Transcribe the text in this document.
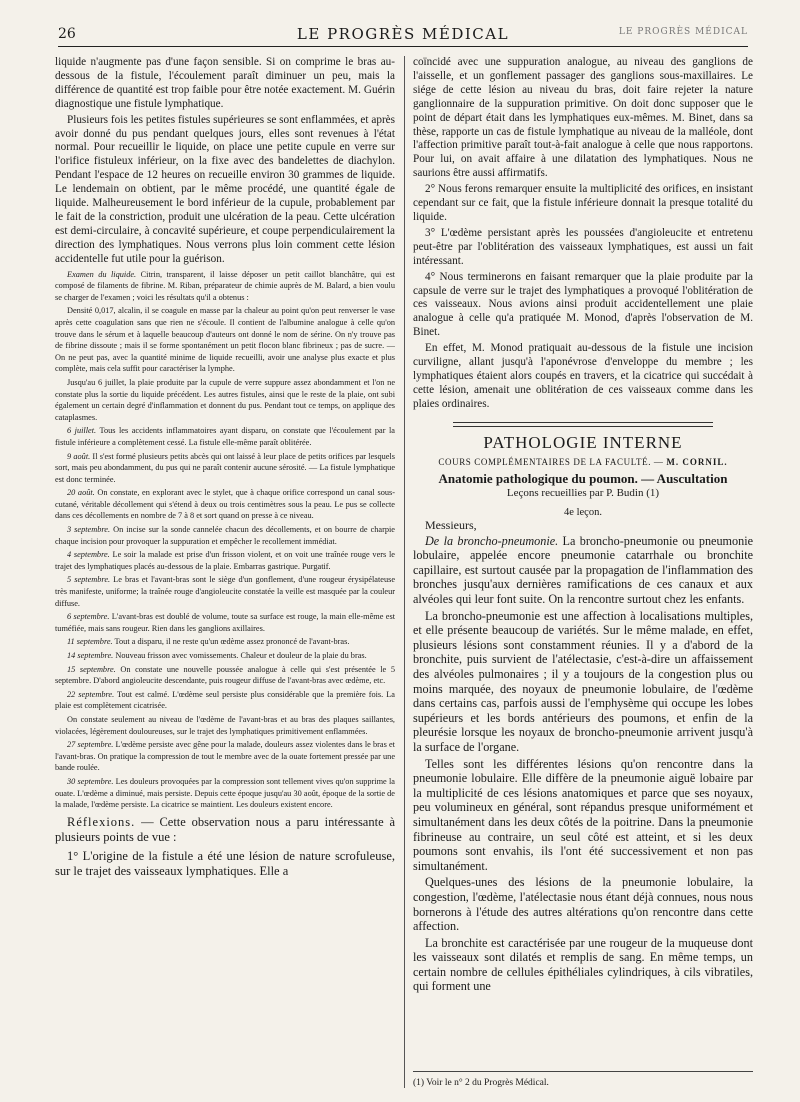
26	LE PROGRÈS MÉDICAL	LE PROGRÈS MÉDICAL

liquide n'augmente pas d'une façon sensible. Si on comprime le bras au-dessous de la fistule, l'écoulement paraît diminuer un peu, mais la différence de quantité est trop faible pour être notée exactement. M. Guérin diagnostique une fistule lymphatique.

Plusieurs fois les petites fistules supérieures se sont enflammées, et après avoir donné du pus pendant quelques jours, elles sont revenues à l'état normal. Pour recueillir le liquide, on place une petite cupule en verre sur l'orifice fistuleux inférieur, on la fixe avec des bandelettes de diachylon. Pendant l'espace de 12 heures on recueille environ 30 grammes de liquide. Le lendemain on obtient, par le même procédé, une quantité égale de liquide. Malheureusement le bord inférieur de la cupule, probablement par le fait de la constriction, produit une ulcération de la peau. Cette ulcération est demi-circulaire, à concavité supérieure, et coupe perpendiculairement la direction des lymphatiques. Nous verrons plus loin comment cette lésion accidentelle fut utile pour la guérison.

Examen du liquide. Citrin, transparent, il laisse déposer un petit caillot blanchâtre, qui est composé de filaments de fibrine. M. Riban, préparateur de chimie auprès de M. Balard, a bien voulu se charger de l'examen ; voici les résultats qu'il a obtenus :

Densité 0,017, alcalin, il se coagule en masse par la chaleur au point qu'on peut renverser le vase après cette coagulation sans que rien ne s'écoule. Il contient de l'albumine analogue à celle qu'on trouve dans le sérum et à laquelle beaucoup d'auteurs ont donné le nom de sérine. On n'y trouve pas de fibrine dissoute ; mais il se forme spontanément un petit flocon blanc fibrineux ; pas de sucre. — On ne peut pas, avec la quantité minime de liquide recueilli, avoir une analyse plus exacte et plus complète, mais cela suffit pour caractériser la lymphe.

Jusqu'au 6 juillet, la plaie produite par la cupule de verre suppure assez abondamment et l'on ne constate plus la sortie du liquide précédent. Les autres fistules, ainsi que le reste de la plaie, ont subi également un certain degré d'inflammation et donnent du pus. Pendant tout ce temps, on applique des cataplasmes.

6 juillet. Tous les accidents inflammatoires ayant disparu, on constate que l'écoulement par la fistule inférieure a complètement cessé. La fistule elle-même paraît oblitérée.

9 août. Il s'est formé plusieurs petits abcès qui ont laissé à leur place de petits orifices par lesquels sort, mais peu abondamment, du pus qui ne paraît contenir aucune sérosité. — La fistule lymphatique est donc terminée.

20 août. On constate, en explorant avec le stylet, que à chaque orifice correspond un canal sous-cutané, véritable décollement qui s'étend à deux ou trois centimètres sous la peau. Le pus se collecte dans ces décollements en nombre de 7 à 8 et sort quand on presse à ce niveau.

3 septembre. On incise sur la sonde cannelée chacun des décollements, et on bourre de charpie chaque incision pour provoquer la suppuration et empêcher le recollement immédiat.

4 septembre. Le soir la malade est prise d'un frisson violent, et on voit une traînée rouge vers le trajet des lymphatiques placés au-dessous de la plaie. Embarras gastrique. Purgatif.

5 septembre. Le bras et l'avant-bras sont le siège d'un gonflement, d'une rougeur érysipélateuse très manifeste, uniforme; la traînée rouge d'angioleucite constatée la veille est masquée par la couleur diffuse.

6 septembre. L'avant-bras est doublé de volume, toute sa surface est rouge, la main elle-même est tuméfiée, mais sans rougeur. Rien dans les ganglions axillaires.

11 septembre. Tout a disparu, il ne reste qu'un œdème assez prononcé de l'avant-bras.

14 septembre. Nouveau frisson avec vomissements. Chaleur et douleur de la plaie du bras.

15 septembre. On constate une nouvelle poussée analogue à celle qui s'est présentée le 5 septembre. D'abord angioleucite descendante, puis rougeur diffuse de l'avant-bras avec œdème, etc.

22 septembre. Tout est calmé. L'œdème seul persiste plus considérable que la première fois. La plaie est complètement cicatrisée.

On constate seulement au niveau de l'œdème de l'avant-bras et au bras des plaques saillantes, violacées, légèrement douloureuses, sur le trajet des lymphatiques primitivement enflammées.

27 septembre. L'œdème persiste avec gêne pour la malade, douleurs assez violentes dans le bras et l'avant-bras. On pratique la compression de tout le membre avec de la ouate fortement pressée par une bande roulée.

30 septembre. Les douleurs provoquées par la compression sont tellement vives qu'on supprime la ouate. L'œdème a diminué, mais persiste. Depuis cette époque jusqu'au 30 août, époque de la sortie de la malade, l'œdème persiste. La cicatrice se maintient. Les douleurs existent encore.

Réflexions. — Cette observation nous a paru intéressante à plusieurs points de vue :

1° L'origine de la fistule a été une lésion de nature scrofuleuse, sur le trajet des vaisseaux lymphatiques. Elle a

coïncidé avec une suppuration analogue, au niveau des ganglions de l'aisselle, et un gonflement passager des ganglions sous-maxillaires. Le siége de cette lésion au niveau du bras, doit faire rejeter la nature ganglionnaire de la suppuration primitive. On doit donc supposer que le point de départ était dans les lymphatiques eux-mêmes. M. Binet, dans sa thèse, rapporte un cas de fistule lymphatique au niveau de la malléole, dont l'affection primitive paraît tout-à-fait analogue à celle que nous rapportons. Pour lui, on avait affaire à une dilatation des lymphatiques. Nous ne saurions être aussi affirmatifs.

2° Nous ferons remarquer ensuite la multiplicité des orifices, en insistant cependant sur ce fait, que la fistule inférieure donnait la presque totalité du liquide.

3° L'œdème persistant après les poussées d'angioleucite et entretenu peut-être par l'oblitération des vaisseaux lymphatiques, est aussi un fait intéressant.

4° Nous terminerons en faisant remarquer que la plaie produite par la capsule de verre sur le trajet des lymphatiques a provoqué l'oblitération de ces vaisseaux. Nous avions ainsi produit accidentellement une plaie analogue à celle qu'a pratiquée M. Monod, d'après l'observation de M. Binet.

En effet, M. Monod pratiquait au-dessous de la fistule une incision curviligne, allant jusqu'à l'aponévrose d'enveloppe du membre ; les lymphatiques étaient alors coupés en travers, et la cicatrice qui succédait à cette lésion, amenait une oblitération de ces vaisseaux comme dans les plaies ordinaires.

PATHOLOGIE INTERNE
COURS COMPLÉMENTAIRES DE LA FACULTÉ. — M. CORNIL.
Anatomie pathologique du poumon. — Auscultation
Leçons recueillies par P. Budin (1)
4e leçon.
Messieurs,

De la broncho-pneumonie. La broncho-pneumonie ou pneumonie lobulaire, appelée encore pneumonie catarrhale ou bronchite capillaire, est surtout causée par la propagation de l'inflammation des bronches jusqu'aux dernières ramifications de ces canaux et aux alvéoles qui leur font suite. On la rencontre surtout chez les enfants.

La broncho-pneumonie est une affection à localisations multiples, et elle présente beaucoup de variétés. Sur le même malade, en effet, plusieurs lésions sont constamment réunies. Il y a d'abord de la bronchite, puis survient de l'atélectasie, c'est-à-dire un affaissement des alvéoles pulmonaires ; il y a toujours de la congestion plus ou moins marquée, des noyaux de pneumonie lobulaire, de l'œdème dans certains cas, parfois aussi de l'emphysème qui occupe les lobes supérieurs et les bords antérieurs des poumons, et enfin de la pleurésie lorsque les noyaux de broncho-pneumonie arrivent jusqu'à la surface de l'organe.

Telles sont les différentes lésions qu'on rencontre dans la pneumonie lobulaire. Elle diffère de la pneumonie aiguë lobaire par la multiplicité de ces lésions anatomiques et parce que ses noyaux, peu volumineux en général, sont répandus presque uniformément et simultanément dans les deux côtés de la poitrine. Dans la pneumonie fibrineuse au contraire, un seul côté est atteint, et si les deux poumons sont envahis, ils l'ont été successivement et non pas simultanément.

Quelques-unes des lésions de la pneumonie lobulaire, la congestion, l'œdème, l'atélectasie nous étant déjà connues, nous nous bornerons à l'étude des autres altérations qu'on rencontre dans cette affection.

La bronchite est caractérisée par une rougeur de la muqueuse dont les vaisseaux sont dilatés et remplis de sang. En même temps, un certain nombre de cellules épithéliales cylindriques, à cils vibratiles, qui forment une

(1) Voir le n° 2 du Progrès Médical.
